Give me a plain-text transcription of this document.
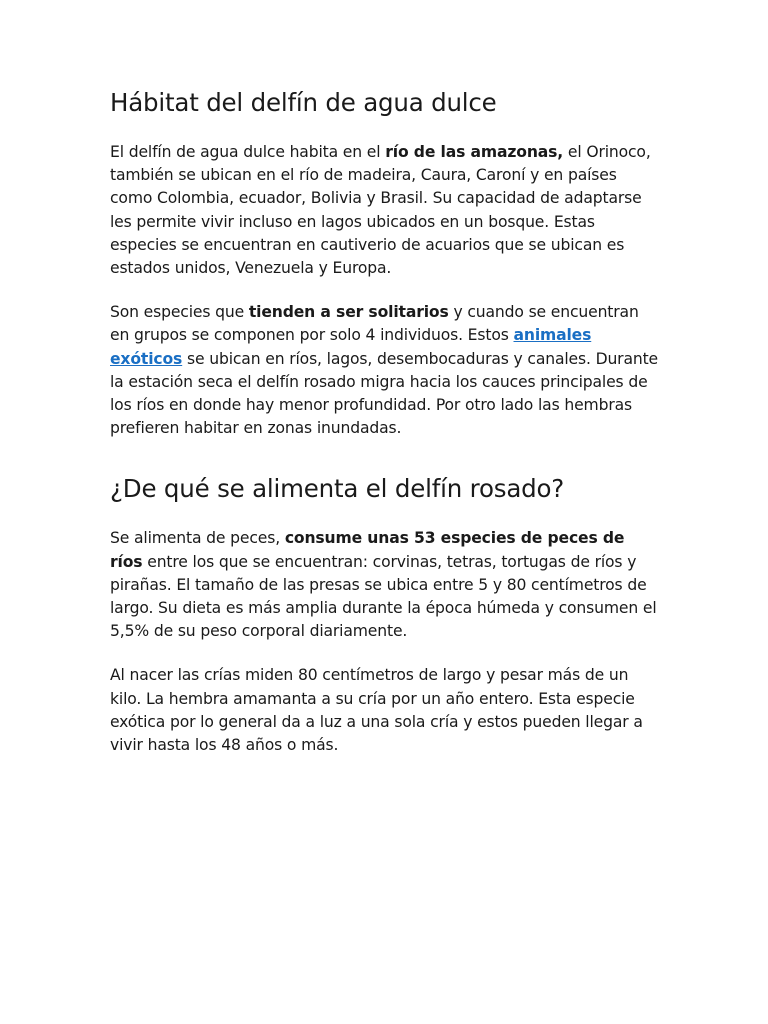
Hábitat del delfín de agua dulce

El delfín de agua dulce habita en el río de las amazonas, el Orinoco, también se ubican en el río de madeira, Caura, Caroní y en países como Colombia, ecuador, Bolivia y Brasil. Su capacidad de adaptarse les permite vivir incluso en lagos ubicados en un bosque. Estas especies se encuentran en cautiverio de acuarios que se ubican es estados unidos, Venezuela y Europa.

Son especies que tienden a ser solitarios y cuando se encuentran en grupos se componen por solo 4 individuos. Estos animales exóticos se ubican en ríos, lagos, desembocaduras y canales. Durante la estación seca el delfín rosado migra hacia los cauces principales de los ríos en donde hay menor profundidad. Por otro lado las hembras prefieren habitar en zonas inundadas.

¿De qué se alimenta el delfín rosado?

Se alimenta de peces, consume unas 53 especies de peces de ríos entre los que se encuentran: corvinas, tetras, tortugas de ríos y pirañas. El tamaño de las presas se ubica entre 5 y 80 centímetros de largo. Su dieta es más amplia durante la época húmeda y consumen el 5,5% de su peso corporal diariamente.

Al nacer las crías miden 80 centímetros de largo y pesar más de un kilo. La hembra amamanta a su cría por un año entero. Esta especie exótica por lo general da a luz a una sola cría y estos pueden llegar a vivir hasta los 48 años o más.
